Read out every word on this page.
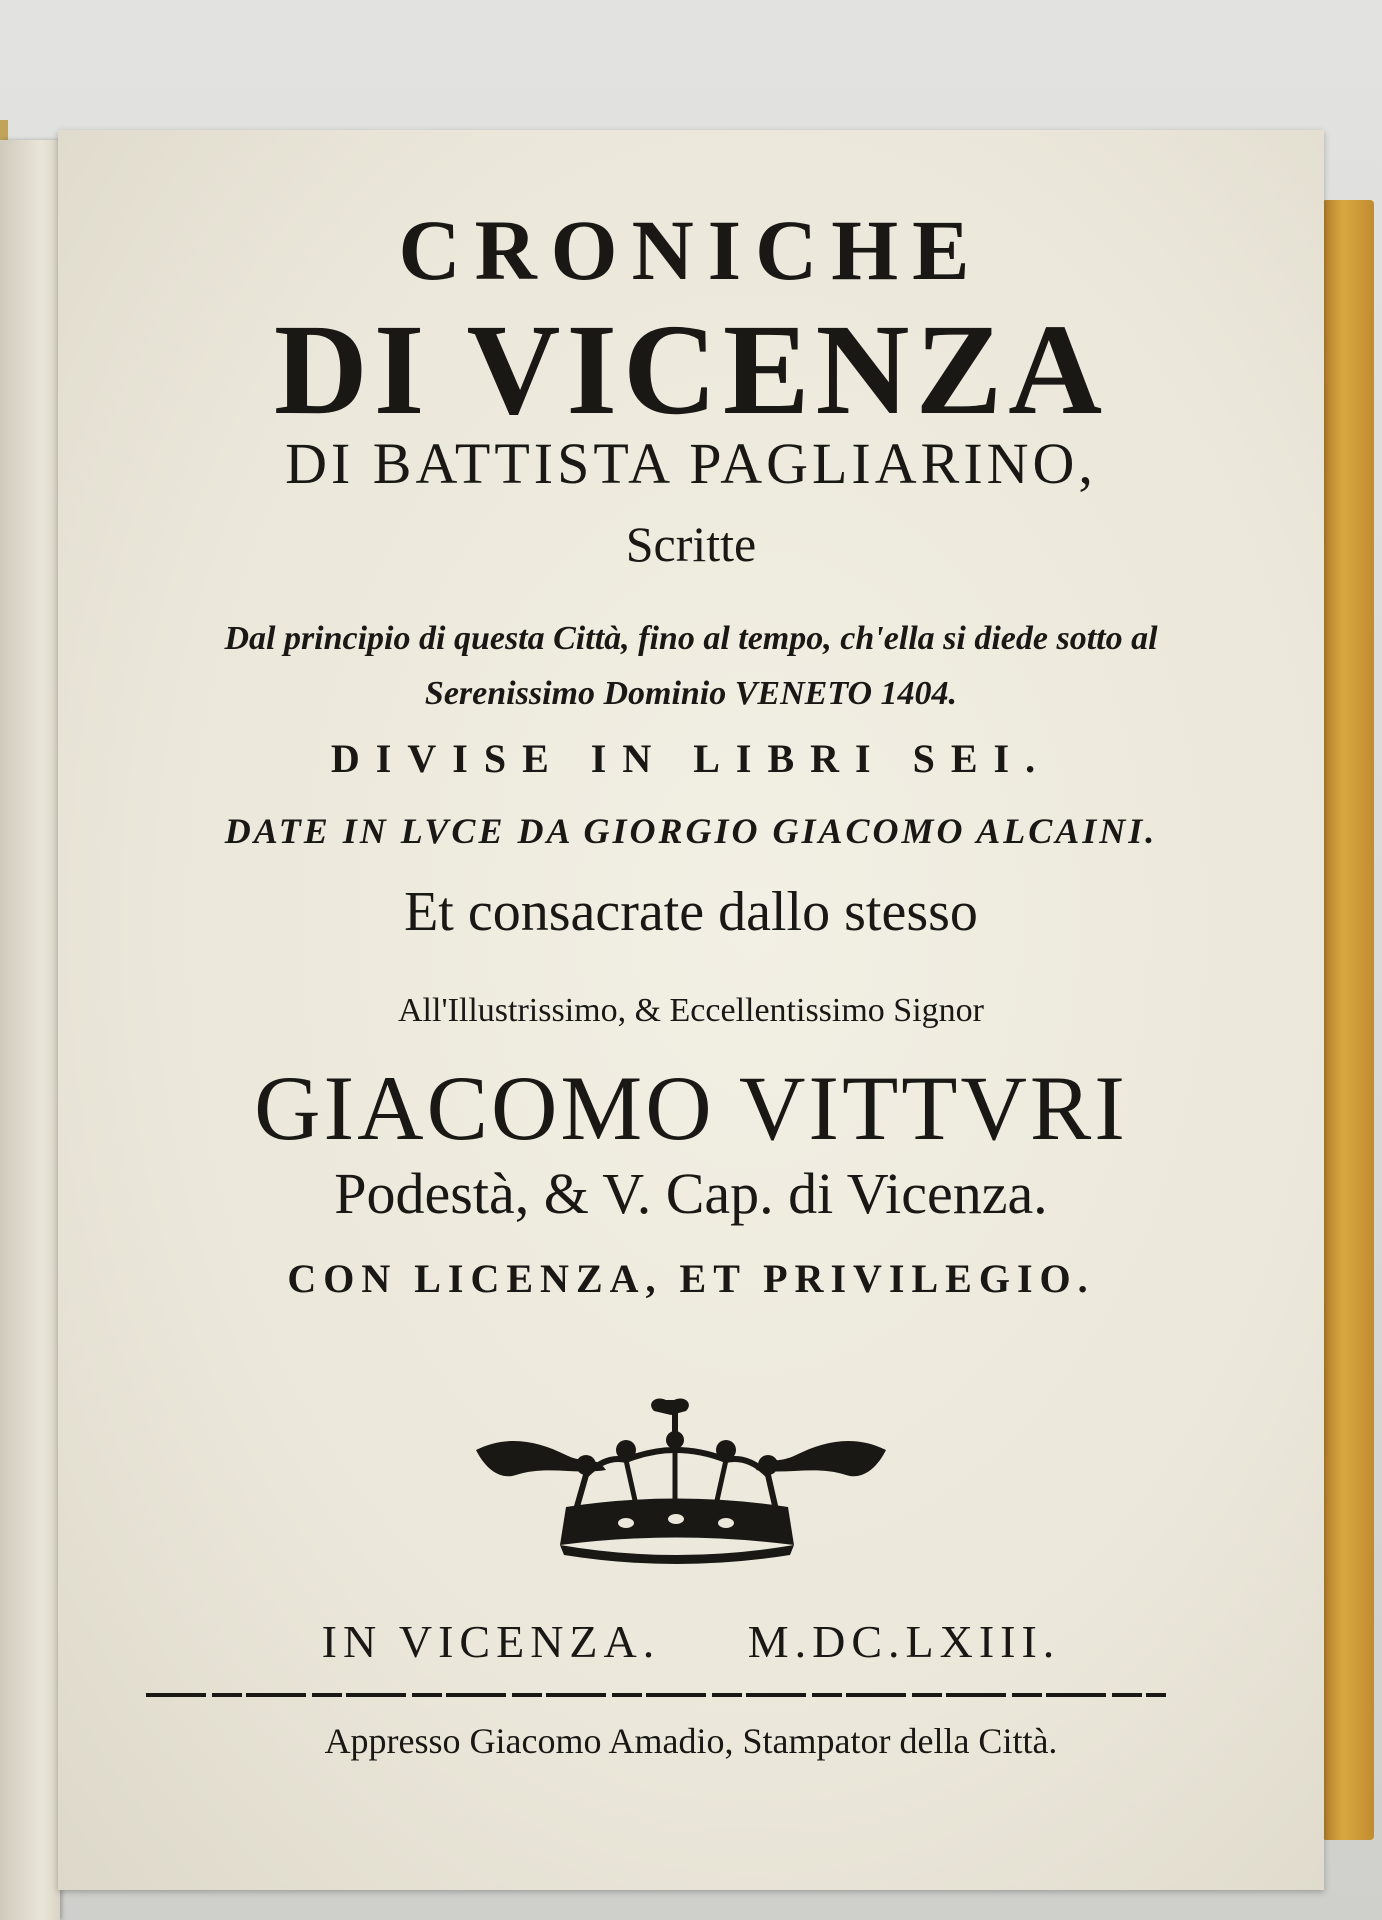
CRONICHE
DI VICENZA
DI BATTISTA PAGLIARINO,
Scritte
Dal principio di questa Città, fino al tempo, ch'ella si diede sotto al
Serenissimo Dominio VENETO 1404.
DIVISE IN LIBRI SEI.
DATE IN LVCE DA GIORGIO GIACOMO ALCAINI.
Et consacrate dallo stesso
All'Illustrissimo, & Eccellentissimo Signor
GIACOMO VITTVRI
Podestà, & V. Cap. di Vicenza.
CON LICENZA, ET PRIVILEGIO.
IN VICENZA.     M.DC.LXIII.
Appresso Giacomo Amadio, Stampator della Città.
